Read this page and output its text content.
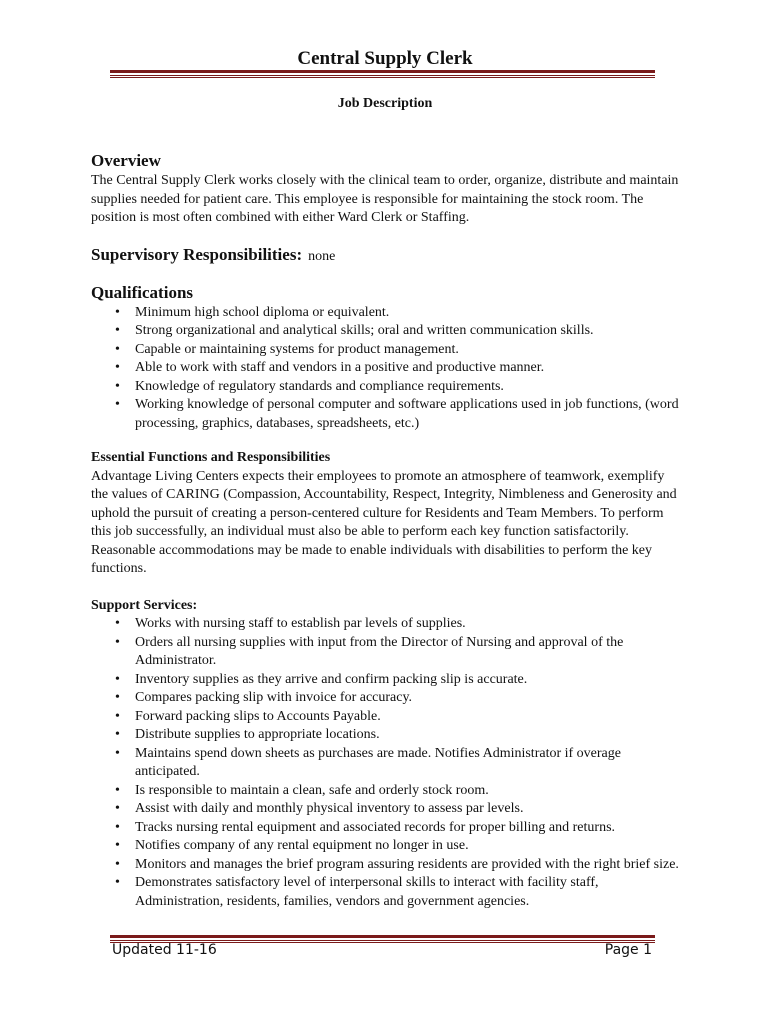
Central Supply Clerk
Job Description
Overview

The Central Supply Clerk works closely with the clinical team to order, organize, distribute and maintain supplies needed for patient care. This employee is responsible for maintaining the stock room. The position is most often combined with either Ward Clerk or Staffing.

Supervisory Responsibilities: none
Qualifications
• Minimum high school diploma or equivalent.
• Strong organizational and analytical skills; oral and written communication skills.
• Capable or maintaining systems for product management.
• Able to work with staff and vendors in a positive and productive manner.
• Knowledge of regulatory standards and compliance requirements.
• Working knowledge of personal computer and software applications used in job functions, (word processing, graphics, databases, spreadsheets, etc.)
Essential Functions and Responsibilities

Advantage Living Centers expects their employees to promote an atmosphere of teamwork, exemplify the values of CARING (Compassion, Accountability, Respect, Integrity, Nimbleness and Generosity and uphold the pursuit of creating a person-centered culture for Residents and Team Members. To perform this job successfully, an individual must also be able to perform each key function satisfactorily. Reasonable accommodations may be made to enable individuals with disabilities to perform the key functions.

Support Services:
• Works with nursing staff to establish par levels of supplies.
• Orders all nursing supplies with input from the Director of Nursing and approval of the Administrator.
• Inventory supplies as they arrive and confirm packing slip is accurate.
• Compares packing slip with invoice for accuracy.
• Forward packing slips to Accounts Payable.
• Distribute supplies to appropriate locations.
• Maintains spend down sheets as purchases are made. Notifies Administrator if overage anticipated.
• Is responsible to maintain a clean, safe and orderly stock room.
• Assist with daily and monthly physical inventory to assess par levels.
• Tracks nursing rental equipment and associated records for proper billing and returns.
• Notifies company of any rental equipment no longer in use.
• Monitors and manages the brief program assuring residents are provided with the right brief size.
• Demonstrates satisfactory level of interpersonal skills to interact with facility staff, Administration, residents, families, vendors and government agencies.
Updated 11-16	Page 1
